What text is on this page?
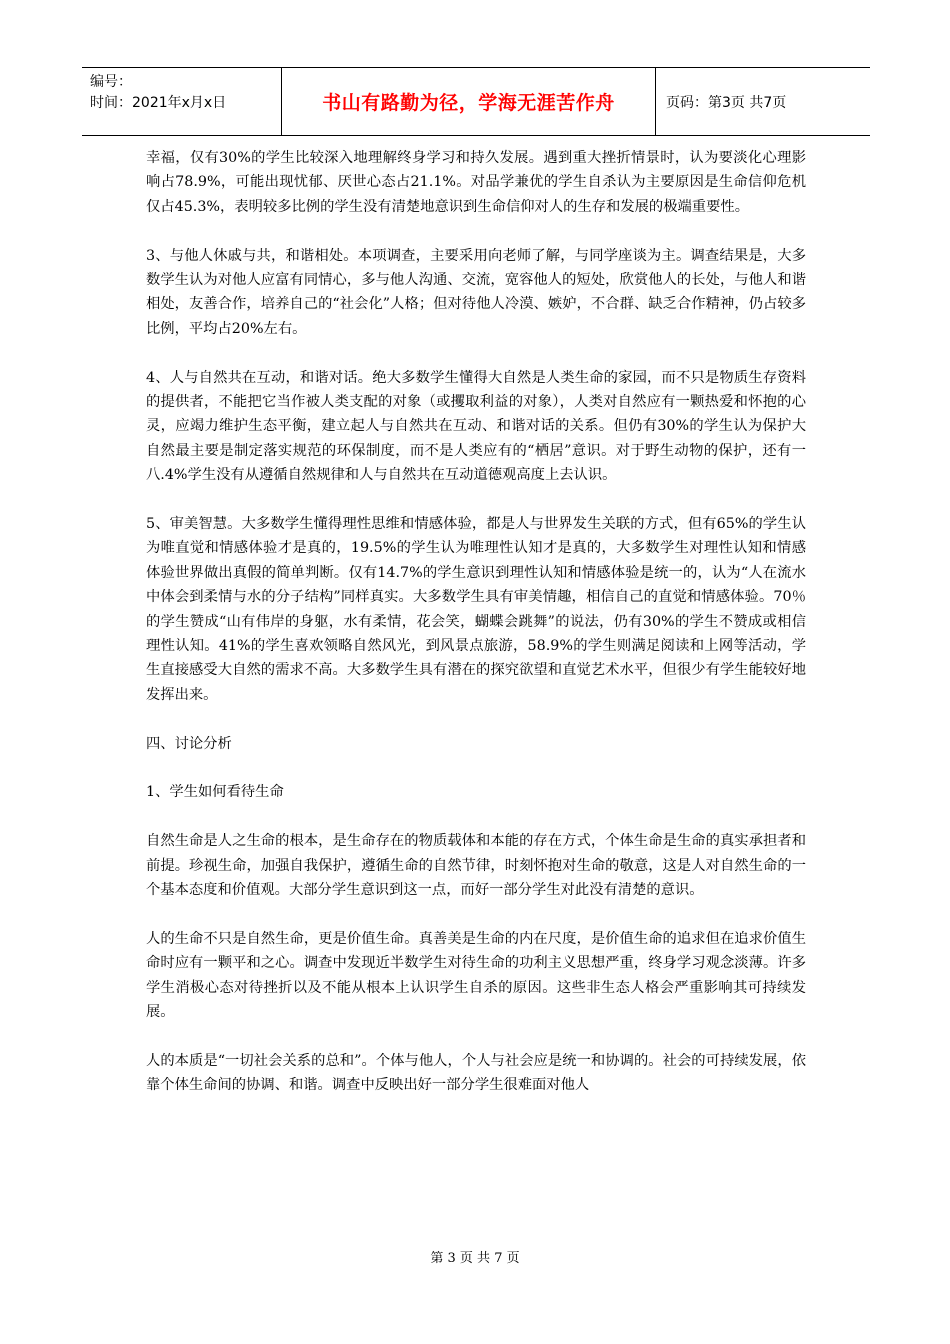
编号：
时间：2021年x月x日	书山有路勤为径，学海无涯苦作舟	页码：第3页 共7页

幸福，仅有30%的学生比较深入地理解终身学习和持久发展。遇到重大挫折情景时，认为要淡化心理影响占78.9%，可能出现忧郁、厌世心态占21.1%。对品学兼优的学生自杀认为主要原因是生命信仰危机仅占45.3%，表明较多比例的学生没有清楚地意识到生命信仰对人的生存和发展的极端重要性。

3、与他人休戚与共，和谐相处。本项调查，主要采用向老师了解，与同学座谈为主。调查结果是，大多数学生认为对他人应富有同情心，多与他人沟通、交流，宽容他人的短处，欣赏他人的长处，与他人和谐相处，友善合作，培养自己的“社会化”人格；但对待他人冷漠、嫉妒，不合群、缺乏合作精神，仍占较多比例，平均占20%左右。

4、人与自然共在互动，和谐对话。绝大多数学生懂得大自然是人类生命的家园，而不只是物质生存资料的提供者，不能把它当作被人类支配的对象（或攫取利益的对象），人类对自然应有一颗热爱和怀抱的心灵，应竭力维护生态平衡，建立起人与自然共在互动、和谐对话的关系。但仍有30%的学生认为保护大自然最主要是制定落实规范的环保制度，而不是人类应有的“栖居”意识。对于野生动物的保护，还有一八.4%学生没有从遵循自然规律和人与自然共在互动道德观高度上去认识。

5、审美智慧。大多数学生懂得理性思维和情感体验，都是人与世界发生关联的方式，但有65%的学生认为唯直觉和情感体验才是真的，19.5%的学生认为唯理性认知才是真的，大多数学生对理性认知和情感体验世界做出真假的简单判断。仅有14.7%的学生意识到理性认知和情感体验是统一的，认为“人在流水中体会到柔情与水的分子结构”同样真实。大多数学生具有审美情趣，相信自己的直觉和情感体验。70％的学生赞成“山有伟岸的身躯，水有柔情，花会笑，蝴蝶会跳舞”的说法，仍有30%的学生不赞成或相信理性认知。41%的学生喜欢领略自然风光，到风景点旅游，58.9%的学生则满足阅读和上网等活动，学生直接感受大自然的需求不高。大多数学生具有潜在的探究欲望和直觉艺术水平，但很少有学生能较好地发挥出来。

四、讨论分析

1、学生如何看待生命

自然生命是人之生命的根本，是生命存在的物质载体和本能的存在方式，个体生命是生命的真实承担者和前提。珍视生命，加强自我保护，遵循生命的自然节律，时刻怀抱对生命的敬意，这是人对自然生命的一个基本态度和价值观。大部分学生意识到这一点，而好一部分学生对此没有清楚的意识。

人的生命不只是自然生命，更是价值生命。真善美是生命的内在尺度，是价值生命的追求但在追求价值生命时应有一颗平和之心。调查中发现近半数学生对待生命的功利主义思想严重，终身学习观念淡薄。许多学生消极心态对待挫折以及不能从根本上认识学生自杀的原因。这些非生态人格会严重影响其可持续发展。

人的本质是“一切社会关系的总和”。个体与他人，个人与社会应是统一和协调的。社会的可持续发展，依靠个体生命间的协调、和谐。调查中反映出好一部分学生很难面对他人

第 3 页 共 7 页
